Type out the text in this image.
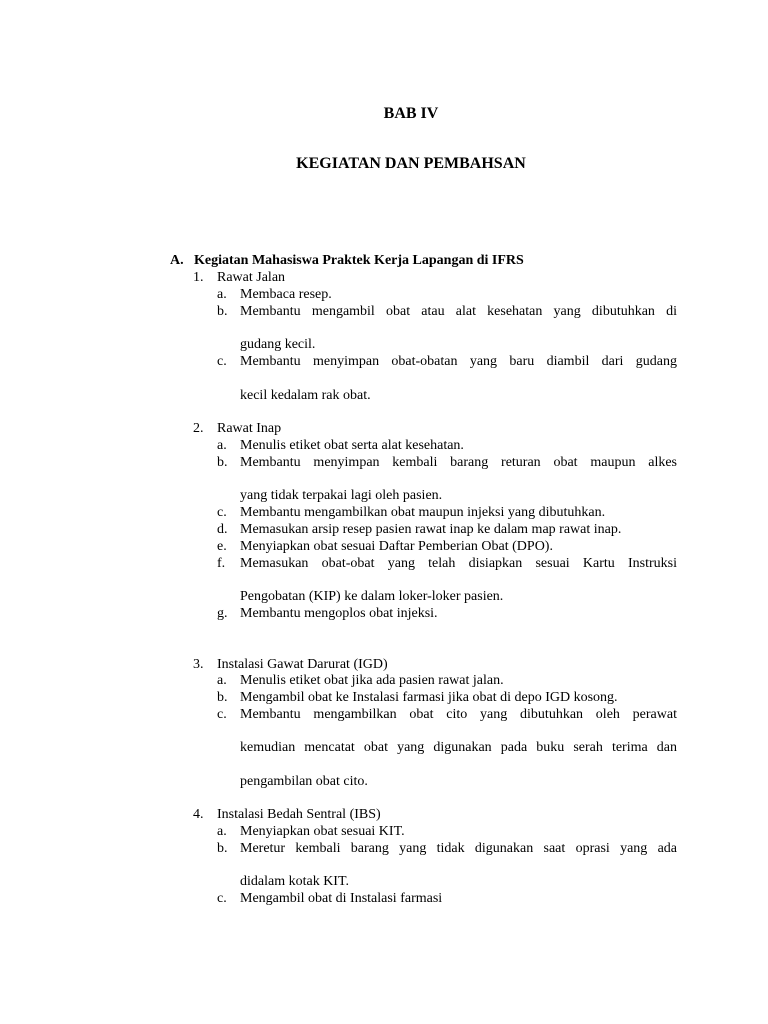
BAB IV
KEGIATAN DAN PEMBAHSAN
A. Kegiatan Mahasiswa Praktek Kerja Lapangan di IFRS
1. Rawat Jalan
a. Membaca resep.
b. Membantu mengambil obat atau alat kesehatan yang dibutuhkan di
gudang kecil.
c. Membantu menyimpan obat-obatan yang baru diambil dari gudang
kecil kedalam rak obat.
2. Rawat Inap
a. Menulis etiket obat serta alat kesehatan.
b. Membantu menyimpan kembali barang returan obat maupun alkes
yang tidak terpakai lagi oleh pasien.
c. Membantu mengambilkan obat maupun injeksi yang dibutuhkan.
d. Memasukan arsip resep pasien rawat inap ke dalam map rawat inap.
e. Menyiapkan obat sesuai Daftar Pemberian Obat (DPO).
f. Memasukan obat-obat yang telah disiapkan sesuai Kartu Instruksi
Pengobatan (KIP) ke dalam loker-loker pasien.
g. Membantu mengoplos obat injeksi.
3. Instalasi Gawat Darurat (IGD)
a. Menulis etiket obat jika ada pasien rawat jalan.
b. Mengambil obat ke Instalasi farmasi jika obat di depo IGD kosong.
c. Membantu mengambilkan obat cito yang dibutuhkan oleh perawat
kemudian mencatat obat yang digunakan pada buku serah terima dan
pengambilan obat cito.
4. Instalasi Bedah Sentral (IBS)
a. Menyiapkan obat sesuai KIT.
b. Meretur kembali barang yang tidak digunakan saat oprasi yang ada
didalam kotak KIT.
c. Mengambil obat di Instalasi farmasi
